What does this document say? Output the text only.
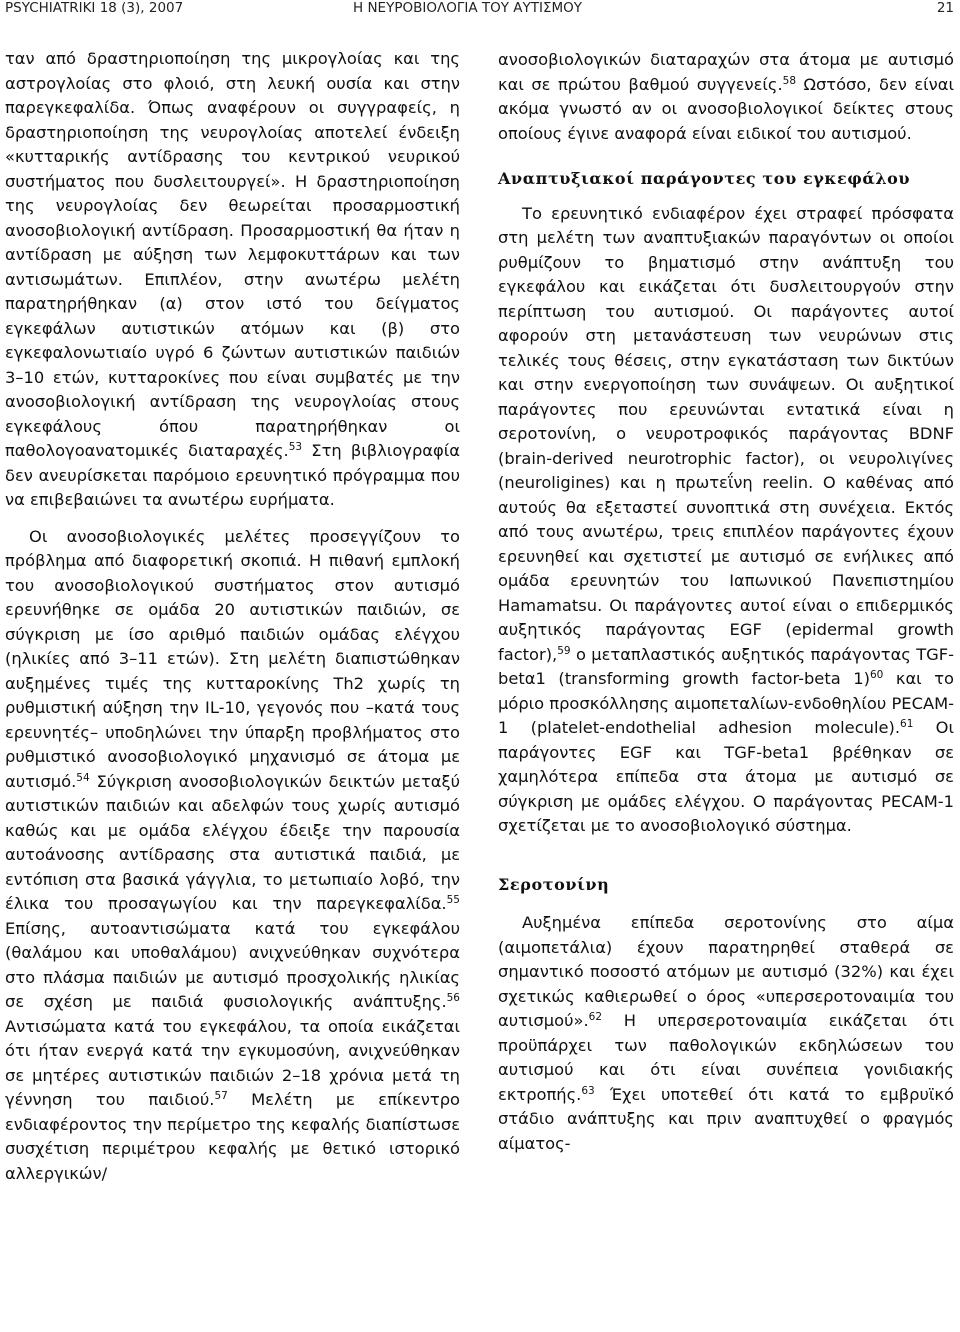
PSYCHIATRIKI 18 (3), 2007	Η ΝΕΥΡΟΒΙΟΛΟΓΙΑ ΤΟΥ ΑΥΤΙΣΜΟΥ	21

ταν από δραστηριοποίηση της μικρογλοίας και της αστρογλοίας στο φλοιό, στη λευκή ουσία και στην παρεγκεφαλίδα. Όπως αναφέρουν οι συγγραφείς, η δραστηριοποίηση της νευρογλοίας αποτελεί ένδειξη «κυτταρικής αντίδρασης του κεντρικού νευρικού συστήματος που δυσλειτουργεί». Η δραστηριοποίηση της νευρογλοίας δεν θεωρείται προσαρμοστική ανοσοβιολογική αντίδραση. Προσαρμοστική θα ήταν η αντίδραση με αύξηση των λεμφοκυττάρων και των αντισωμάτων. Επιπλέον, στην ανωτέρω μελέτη παρατηρήθηκαν (α) στον ιστό του δείγματος εγκεφάλων αυτιστικών ατόμων και (β) στο εγκεφαλονωτιαίο υγρό 6 ζώντων αυτιστικών παιδιών 3–10 ετών, κυτταροκίνες που είναι συμβατές με την ανοσοβιολογική αντίδραση της νευρογλοίας στους εγκεφάλους όπου παρατηρήθηκαν οι παθολογοανατομικές διαταραχές.$^{53}$ Στη βιβλιογραφία δεν ανευρίσκεται παρόμοιο ερευνητικό πρόγραμμα που να επιβεβαιώνει τα ανωτέρω ευρήματα.

Οι ανοσοβιολογικές μελέτες προσεγγίζουν το πρόβλημα από διαφορετική σκοπιά. Η πιθανή εμπλοκή του ανοσοβιολογικού συστήματος στον αυτισμό ερευνήθηκε σε ομάδα 20 αυτιστικών παιδιών, σε σύγκριση με ίσο αριθμό παιδιών ομάδας ελέγχου (ηλικίες από 3–11 ετών). Στη μελέτη διαπιστώθηκαν αυξημένες τιμές της κυτταροκίνης Th2 χωρίς τη ρυθμιστική αύξηση την IL-10, γεγονός που –κατά τους ερευνητές– υποδηλώνει την ύπαρξη προβλήματος στο ρυθμιστικό ανοσοβιολογικό μηχανισμό σε άτομα με αυτισμό.$^{54}$ Σύγκριση ανοσοβιολογικών δεικτών μεταξύ αυτιστικών παιδιών και αδελφών τους χωρίς αυτισμό καθώς και με ομάδα ελέγχου έδειξε την παρουσία αυτοάνοσης αντίδρασης στα αυτιστικά παιδιά, με εντόπιση στα βασικά γάγγλια, το μετωπιαίο λοβό, την έλικα του προσαγωγίου και την παρεγκεφαλίδα.$^{55}$ Επίσης, αυτοαντισώματα κατά του εγκεφάλου (θαλάμου και υποθαλάμου) ανιχνεύθηκαν συχνότερα στο πλάσμα παιδιών με αυτισμό προσχολικής ηλικίας σε σχέση με παιδιά φυσιολογικής ανάπτυξης.$^{56}$ Αντισώματα κατά του εγκεφάλου, τα οποία εικάζεται ότι ήταν ενεργά κατά την εγκυμοσύνη, ανιχνεύθηκαν σε μητέρες αυτιστικών παιδιών 2–18 χρόνια μετά τη γέννηση του παιδιού.$^{57}$ Μελέτη με επίκεντρο ενδιαφέροντος την περίμετρο της κεφαλής διαπίστωσε συσχέτιση περιμέτρου κεφαλής με θετικό ιστορικό αλλεργικών/

ανοσοβιολογικών διαταραχών στα άτομα με αυτισμό και σε πρώτου βαθμού συγγενείς.$^{58}$ Ωστόσο, δεν είναι ακόμα γνωστό αν οι ανοσοβιολογικοί δείκτες στους οποίους έγινε αναφορά είναι ειδικοί του αυτισμού.

Αναπτυξιακοί παράγοντες του εγκεφάλου

Το ερευνητικό ενδιαφέρον έχει στραφεί πρόσφατα στη μελέτη των αναπτυξιακών παραγόντων οι οποίοι ρυθμίζουν το βηματισμό στην ανάπτυξη του εγκεφάλου και εικάζεται ότι δυσλειτουργούν στην περίπτωση του αυτισμού. Οι παράγοντες αυτοί αφορούν στη μετανάστευση των νευρώνων στις τελικές τους θέσεις, στην εγκατάσταση των δικτύων και στην ενεργοποίηση των συνάψεων. Οι αυξητικοί παράγοντες που ερευνώνται εντατικά είναι η σεροτονίνη, ο νευροτροφικός παράγοντας BDNF (brain-derived neurotrophic factor), οι νευρολιγίνες (neuroligines) και η πρωτεΐνη reelin. Ο καθένας από αυτούς θα εξεταστεί συνοπτικά στη συνέχεια. Εκτός από τους ανωτέρω, τρεις επιπλέον παράγοντες έχουν ερευνηθεί και σχετιστεί με αυτισμό σε ενήλικες από ομάδα ερευνητών του Ιαπωνικού Πανεπιστημίου Hamamatsu. Οι παράγοντες αυτοί είναι ο επιδερμικός αυξητικός παράγοντας EGF (epidermal growth factor),$^{59}$ ο μεταπλαστικός αυξητικός παράγοντας TGF-betα1 (transforming growth factor-beta 1)$^{60}$ και το μόριο προσκόλλησης αιμοπεταλίων-ενδοθηλίου PECAM-1 (platelet-endothelial adhesion molecule).$^{61}$ Οι παράγοντες EGF και TGF-beta1 βρέθηκαν σε χαμηλότερα επίπεδα στα άτομα με αυτισμό σε σύγκριση με ομάδες ελέγχου. Ο παράγοντας PECAM-1 σχετίζεται με το ανοσοβιολογικό σύστημα.

Σεροτονίνη

Αυξημένα επίπεδα σεροτονίνης στο αίμα (αιμοπετάλια) έχουν παρατηρηθεί σταθερά σε σημαντικό ποσοστό ατόμων με αυτισμό (32%) και έχει σχετικώς καθιερωθεί ο όρος «υπερσεροτοναιμία του αυτισμού».$^{62}$ Η υπερσεροτοναιμία εικάζεται ότι προϋπάρχει των παθολογικών εκδηλώσεων του αυτισμού και ότι είναι συνέπεια γονιδιακής εκτροπής.$^{63}$ Έχει υποτεθεί ότι κατά το εμβρυϊκό στάδιο ανάπτυξης και πριν αναπτυχθεί ο φραγμός αίματος-
